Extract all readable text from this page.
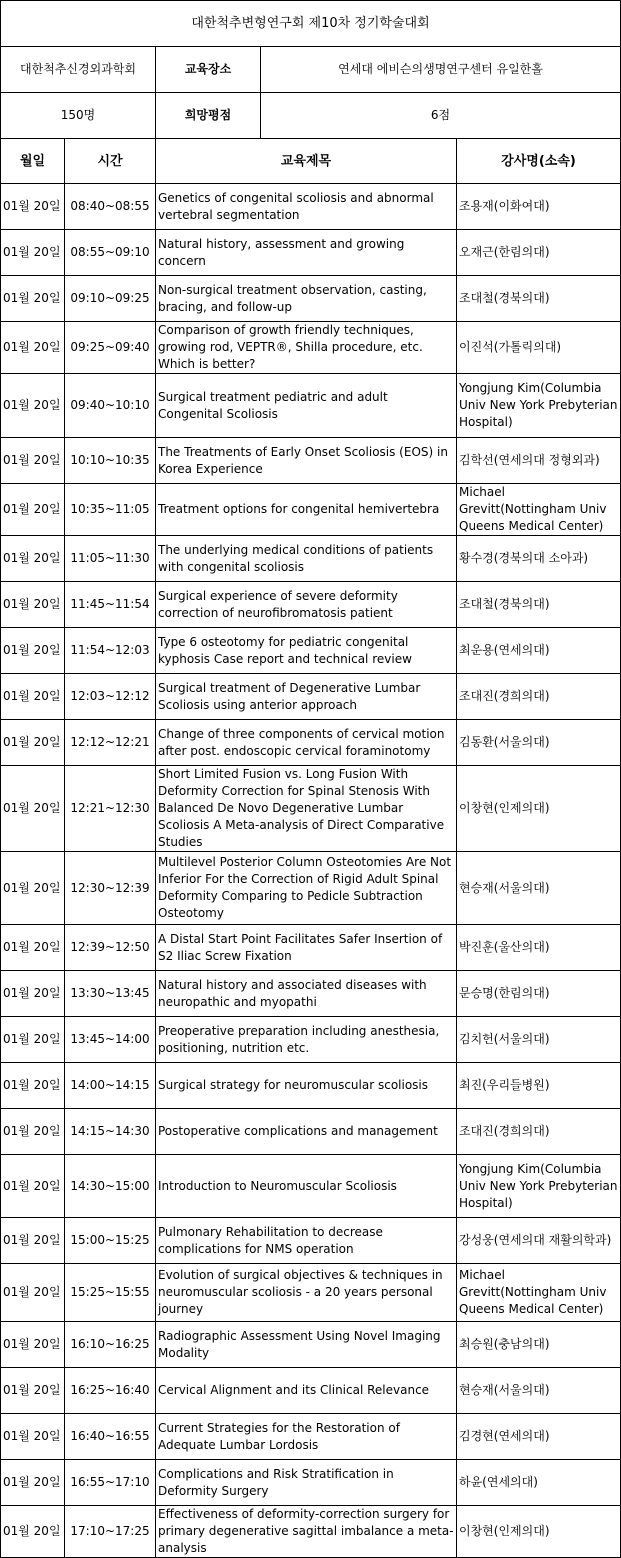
대한척추변형연구회 제10차 정기학술대회				
대한척추신경외과학회		교육장소	연세대 에비슨의생명연구센터 유일한홀	
150명		희망평점	6점	
월일	시간	교육제목		강사명(소속)
01월 20일	08:40~08:55	Genetics of congenital scoliosis and abnormal vertebral segmentation		조용재(이화여대)
01월 20일	08:55~09:10	Natural history, assessment and growing concern		오재근(한림의대)
01월 20일	09:10~09:25	Non-surgical treatment observation, casting, bracing, and follow-up		조대철(경북의대)
01월 20일	09:25~09:40	Comparison of growth friendly techniques, growing rod, VEPTR®, Shilla procedure, etc. Which is better?		이진석(가톨릭의대)
01월 20일	09:40~10:10	Surgical treatment pediatric and adult Congenital Scoliosis		Yongjung Kim(Columbia Univ New York Prebyterian Hospital)
01월 20일	10:10~10:35	The Treatments of Early Onset Scoliosis (EOS) in Korea Experience		김학선(연세의대 정형외과)
01월 20일	10:35~11:05	Treatment options for congenital hemivertebra		Michael Grevitt(Nottingham Univ Queens Medical Center)
01월 20일	11:05~11:30	The underlying medical conditions of patients with congenital scoliosis		황수경(경북의대 소아과)
01월 20일	11:45~11:54	Surgical experience of severe deformity correction of neurofibromatosis patient		조대철(경북의대)
01월 20일	11:54~12:03	Type 6 osteotomy for pediatric congenital kyphosis Case report and technical review		최운용(연세의대)
01월 20일	12:03~12:12	Surgical treatment of Degenerative Lumbar Scoliosis using anterior approach		조대진(경희의대)
01월 20일	12:12~12:21	Change of three components of cervical motion after post. endoscopic cervical foraminotomy		김동환(서울의대)
01월 20일	12:21~12:30	Short Limited Fusion vs. Long Fusion With Deformity Correction for Spinal Stenosis With Balanced De Novo Degenerative Lumbar Scoliosis A Meta-analysis of Direct Comparative Studies		이창현(인제의대)
01월 20일	12:30~12:39	Multilevel Posterior Column Osteotomies Are Not Inferior For the Correction of Rigid Adult Spinal Deformity Comparing to Pedicle Subtraction Osteotomy		현승재(서울의대)
01월 20일	12:39~12:50	A Distal Start Point Facilitates Safer Insertion of S2 Iliac Screw Fixation		박진훈(울산의대)
01월 20일	13:30~13:45	Natural history and associated diseases with neuropathic and myopathi		문승명(한림의대)
01월 20일	13:45~14:00	Preoperative preparation including anesthesia, positioning, nutrition etc.		김치헌(서울의대)
01월 20일	14:00~14:15	Surgical strategy for neuromuscular scoliosis		최진(우리들병원)
01월 20일	14:15~14:30	Postoperative complications and management		조대진(경희의대)
01월 20일	14:30~15:00	Introduction to Neuromuscular Scoliosis		Yongjung Kim(Columbia Univ New York Prebyterian Hospital)
01월 20일	15:00~15:25	Pulmonary Rehabilitation to decrease complications for NMS operation		강성웅(연세의대 재활의학과)
01월 20일	15:25~15:55	Evolution of surgical objectives & techniques in neuromuscular scoliosis - a 20 years personal journey		Michael Grevitt(Nottingham Univ Queens Medical Center)
01월 20일	16:10~16:25	Radiographic Assessment Using Novel Imaging Modality		최승원(충남의대)
01월 20일	16:25~16:40	Cervical Alignment and its Clinical Relevance		현승재(서울의대)
01월 20일	16:40~16:55	Current Strategies for the Restoration of Adequate Lumbar Lordosis		김경현(연세의대)
01월 20일	16:55~17:10	Complications and Risk Stratification in Deformity Surgery		하윤(연세의대)
01월 20일	17:10~17:25	Effectiveness of deformity-correction surgery for primary degenerative sagittal imbalance a meta-analysis		이창현(인제의대)
